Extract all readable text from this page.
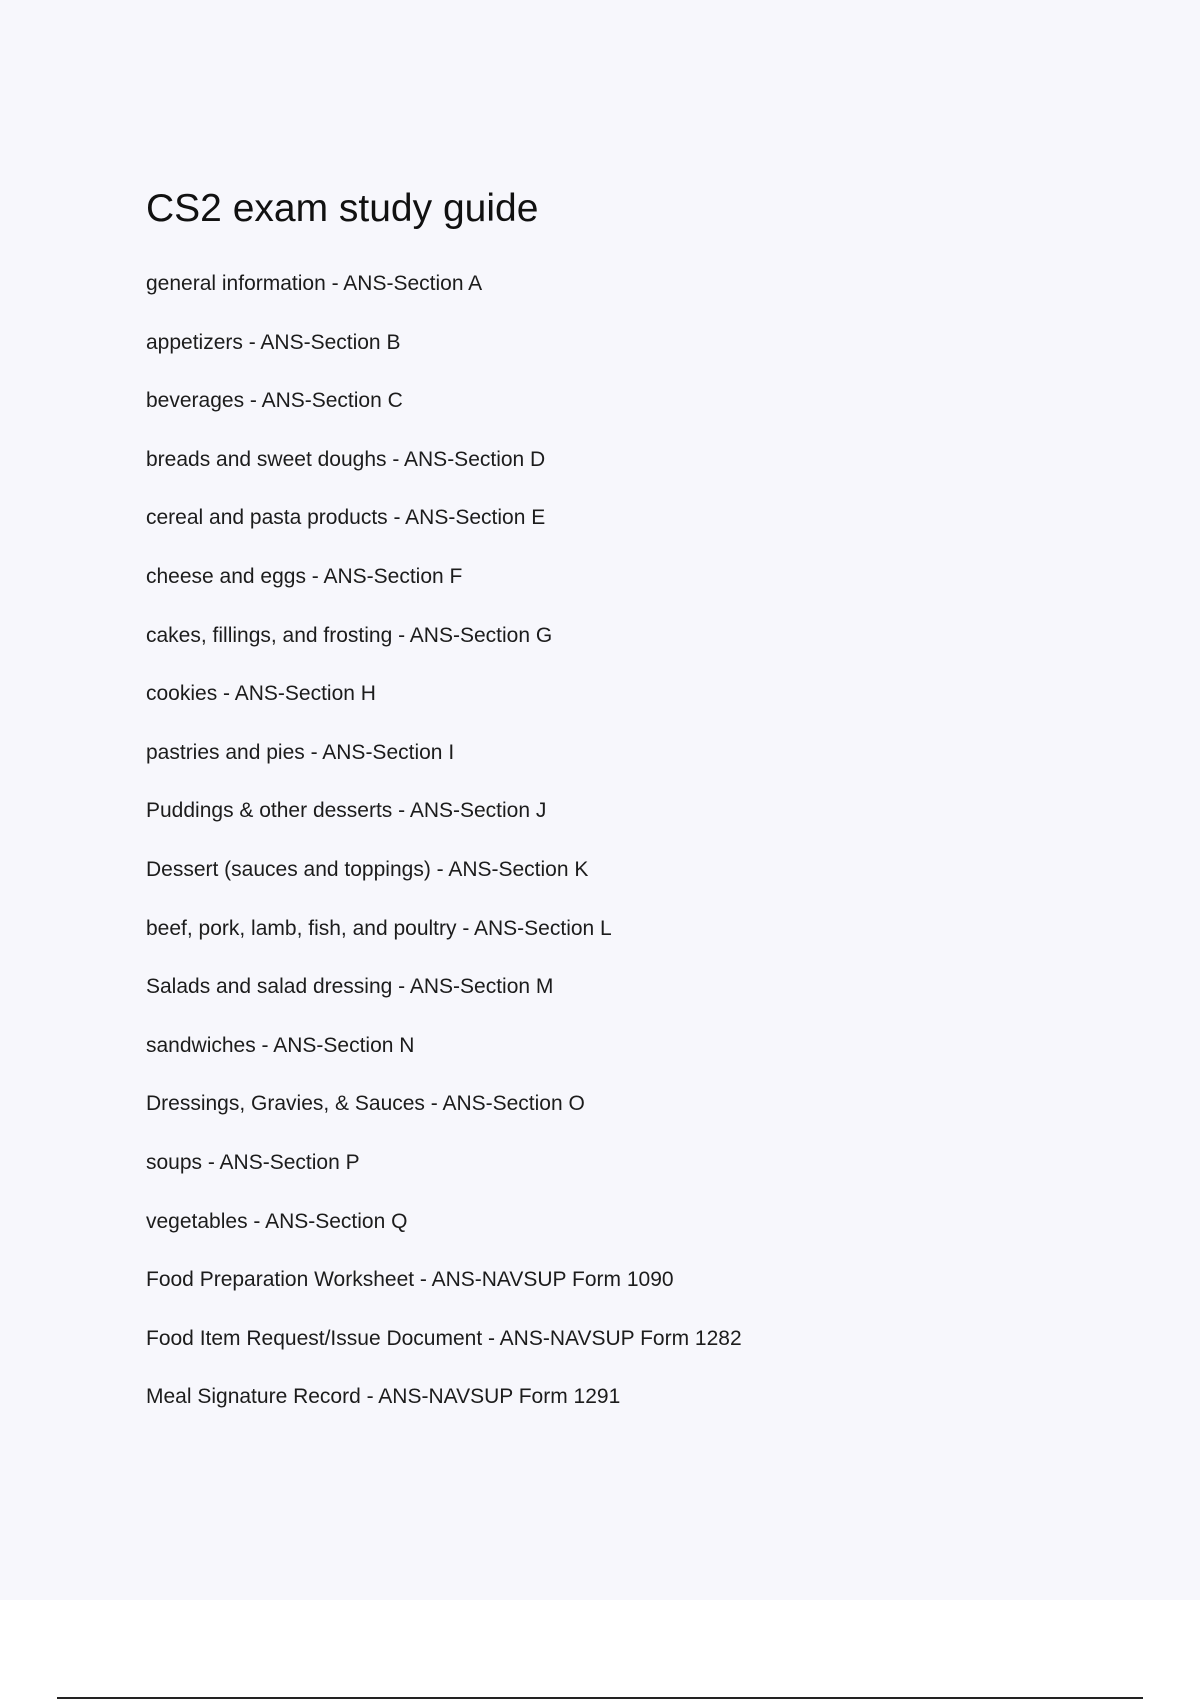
CS2 exam study guide
general information - ANS-Section A
appetizers - ANS-Section B
beverages - ANS-Section C
breads and sweet doughs - ANS-Section D
cereal and pasta products - ANS-Section E
cheese and eggs - ANS-Section F
cakes, fillings, and frosting - ANS-Section G
cookies - ANS-Section H
pastries and pies - ANS-Section I
Puddings & other desserts - ANS-Section J
Dessert (sauces and toppings) - ANS-Section K
beef, pork, lamb, fish, and poultry - ANS-Section L
Salads and salad dressing - ANS-Section M
sandwiches - ANS-Section N
Dressings, Gravies, & Sauces - ANS-Section O
soups - ANS-Section P
vegetables - ANS-Section Q
Food Preparation Worksheet - ANS-NAVSUP Form 1090
Food Item Request/Issue Document - ANS-NAVSUP Form 1282
Meal Signature Record - ANS-NAVSUP Form 1291
